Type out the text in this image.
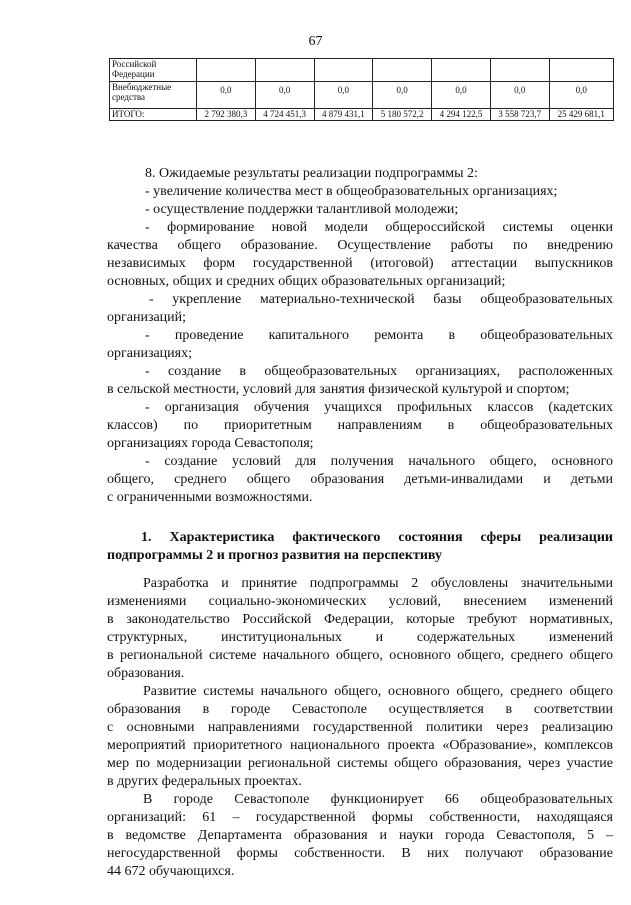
67
Российской
Федерации							
Внебюджетные
средства	0,0	0,0	0,0	0,0	0,0	0,0	0,0
ИТОГО:	2 792 380,3	4 724 451,3	4 879 431,1	5 180 572,2	4 294 122,5	3 558 723,7	25 429 681,1
8. Ожидаемые результаты реализации подпрограммы 2:
- увеличение количества мест в общеобразовательных организациях;
- осуществление поддержки талантливой молодежи;
- формирование новой модели общероссийской системы оценки
качества общего образование. Осуществление работы по внедрению
независимых форм государственной (итоговой) аттестации выпускников
основных, общих и средних общих образовательных организаций;
- укрепление материально-технической базы общеобразовательных
организаций;
- проведение капитального ремонта в общеобразовательных
организациях;
- создание в общеобразовательных организациях, расположенных
в сельской местности, условий для занятия физической культурой и спортом;
- организация обучения учащихся профильных классов (кадетских
классов) по приоритетным направлениям в общеобразовательных
организациях города Севастополя;
- создание условий для получения начального общего, основного
общего, среднего общего образования детьми-инвалидами и детьми
с ограниченными возможностями.
1. Характеристика фактического состояния сферы реализации
подпрограммы 2 и прогноз развития на перспективу
Разработка и принятие подпрограммы 2 обусловлены значительными
изменениями социально-экономических условий, внесением изменений
в законодательство Российской Федерации, которые требуют нормативных,
структурных, институциональных и содержательных изменений
в региональной системе начального общего, основного общего, среднего общего
образования.
Развитие системы начального общего, основного общего, среднего общего
образования в городе Севастополе осуществляется в соответствии
с основными направлениями государственной политики через реализацию
мероприятий приоритетного национального проекта «Образование», комплексов
мер по модернизации региональной системы общего образования, через участие
в других федеральных проектах.
В городе Севастополе функционирует 66 общеобразовательных
организаций: 61 – государственной формы собственности, находящаяся
в ведомстве Департамента образования и науки города Севастополя, 5 –
негосударственной формы собственности. В них получают образование
44 672 обучающихся.
